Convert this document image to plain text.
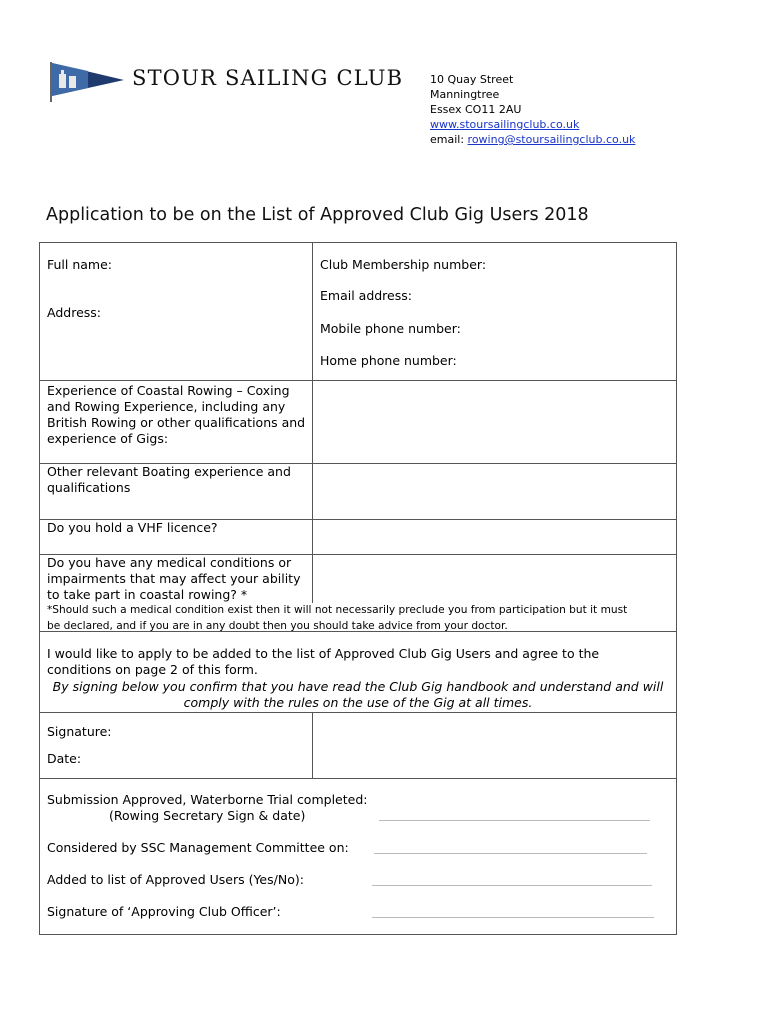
STOUR SAILING CLUB 10 Quay Street
Manningtree
Essex CO11 2AU
www.stoursailingclub.co.uk
email: rowing@stoursailingclub.co.uk
Application to be on the List of Approved Club Gig Users 2018
Full name:
Address:
Club Membership number:
Email address:
Mobile phone number:
Home phone number:
Experience of Coastal Rowing – Coxing
and Rowing Experience, including any
British Rowing or other qualifications and
experience of Gigs:
Other relevant Boating experience and
qualifications
Do you hold a VHF licence?
Do you have any medical conditions or
impairments that may affect your ability
to take part in coastal rowing? *
*Should such a medical condition exist then it will not necessarily preclude you from participation but it must
be declared, and if you are in any doubt then you should take advice from your doctor.
I would like to apply to be added to the list of Approved Club Gig Users and agree to the
conditions on page 2 of this form.
By signing below you confirm that you have read the Club Gig handbook and understand and will
comply with the rules on the use of the Gig at all times.
Signature:
Date:
Submission Approved, Waterborne Trial completed:
(Rowing Secretary Sign & date)
Considered by SSC Management Committee on:
Added to list of Approved Users (Yes/No):
Signature of ‘Approving Club Officer’:
